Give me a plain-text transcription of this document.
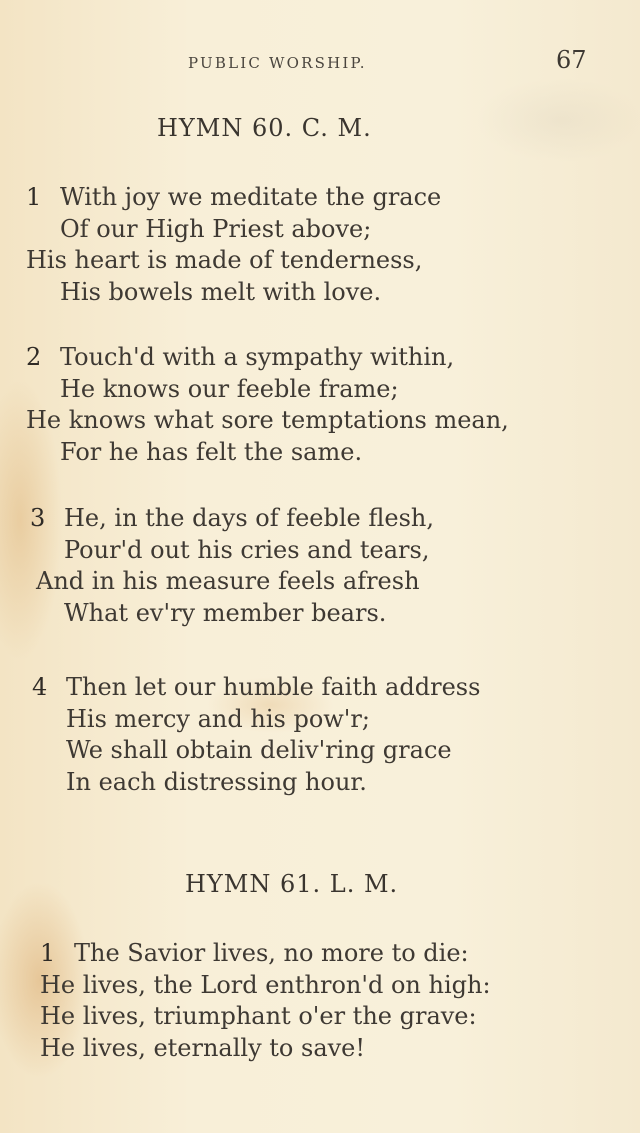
PUBLIC WORSHIP.	67
HYMN 60. C. M.
1 With joy we meditate the grace
Of our High Priest above;
His heart is made of tenderness,
His bowels melt with love.
2 Touch'd with a sympathy within,
He knows our feeble frame;
He knows what sore temptations mean,
For he has felt the same.
3 He, in the days of feeble flesh,
Pour'd out his cries and tears,
And in his measure feels afresh
What ev'ry member bears.
4 Then let our humble faith address
His mercy and his pow'r;
We shall obtain deliv'ring grace
In each distressing hour.
HYMN 61. L. M.
1 The Savior lives, no more to die:
He lives, the Lord enthron'd on high:
He lives, triumphant o'er the grave:
He lives, eternally to save!
